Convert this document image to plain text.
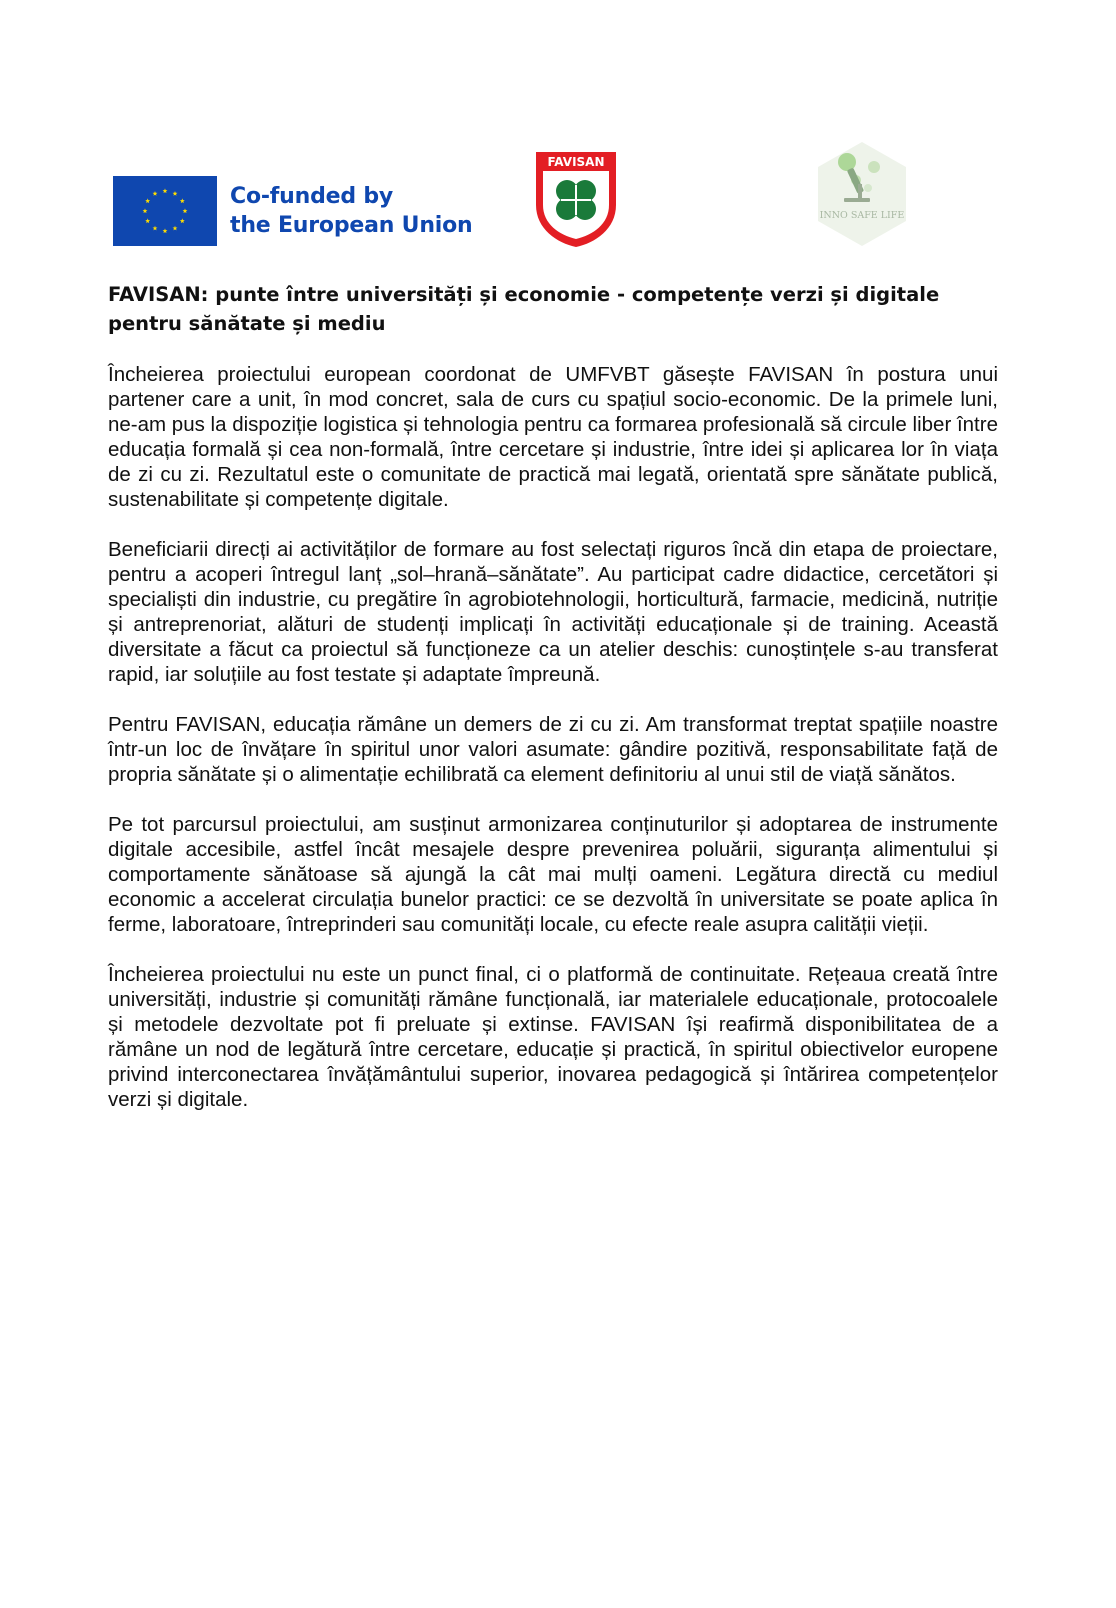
Co-funded by
the European Union
FAVISAN
INNO SAFE LIFE
FAVISAN: punte între universități și economie - competențe verzi și digitale pentru sănătate și mediu

Încheierea proiectului european coordonat de UMFVBT găsește FAVISAN în postura unui partener care a unit, în mod concret, sala de curs cu spațiul socio-economic. De la primele luni, ne-am pus la dispoziție logistica și tehnologia pentru ca formarea profesională să circule liber între educația formală și cea non-formală, între cercetare și industrie, între idei și aplicarea lor în viața de zi cu zi. Rezultatul este o comunitate de practică mai legată, orientată spre sănătate publică, sustenabilitate și competențe digitale.

Beneficiarii direcți ai activităților de formare au fost selectați riguros încă din etapa de proiectare, pentru a acoperi întregul lanț „sol–hrană–sănătate”. Au participat cadre didactice, cercetători și specialiști din industrie, cu pregătire în agrobiotehnologii, horticultură, farmacie, medicină, nutriție și antreprenoriat, alături de studenți implicați în activități educaționale și de training. Această diversitate a făcut ca proiectul să funcționeze ca un atelier deschis: cunoștințele s-au transferat rapid, iar soluțiile au fost testate și adaptate împreună.

Pentru FAVISAN, educația rămâne un demers de zi cu zi. Am transformat treptat spațiile noastre într-un loc de învățare în spiritul unor valori asumate: gândire pozitivă, responsabilitate față de propria sănătate și o alimentație echilibrată ca element definitoriu al unui stil de viață sănătos.

Pe tot parcursul proiectului, am susținut armonizarea conținuturilor și adoptarea de instrumente digitale accesibile, astfel încât mesajele despre prevenirea poluării, siguranța alimentului și comportamente sănătoase să ajungă la cât mai mulți oameni. Legătura directă cu mediul economic a accelerat circulația bunelor practici: ce se dezvoltă în universitate se poate aplica în ferme, laboratoare, întreprinderi sau comunități locale, cu efecte reale asupra calității vieții.

Încheierea proiectului nu este un punct final, ci o platformă de continuitate. Rețeaua creată între universități, industrie și comunități rămâne funcțională, iar materialele educaționale, protocoalele și metodele dezvoltate pot fi preluate și extinse. FAVISAN își reafirmă disponibilitatea de a rămâne un nod de legătură între cercetare, educație și practică, în spiritul obiectivelor europene privind interconectarea învățământului superior, inovarea pedagogică și întărirea competențelor verzi și digitale.
